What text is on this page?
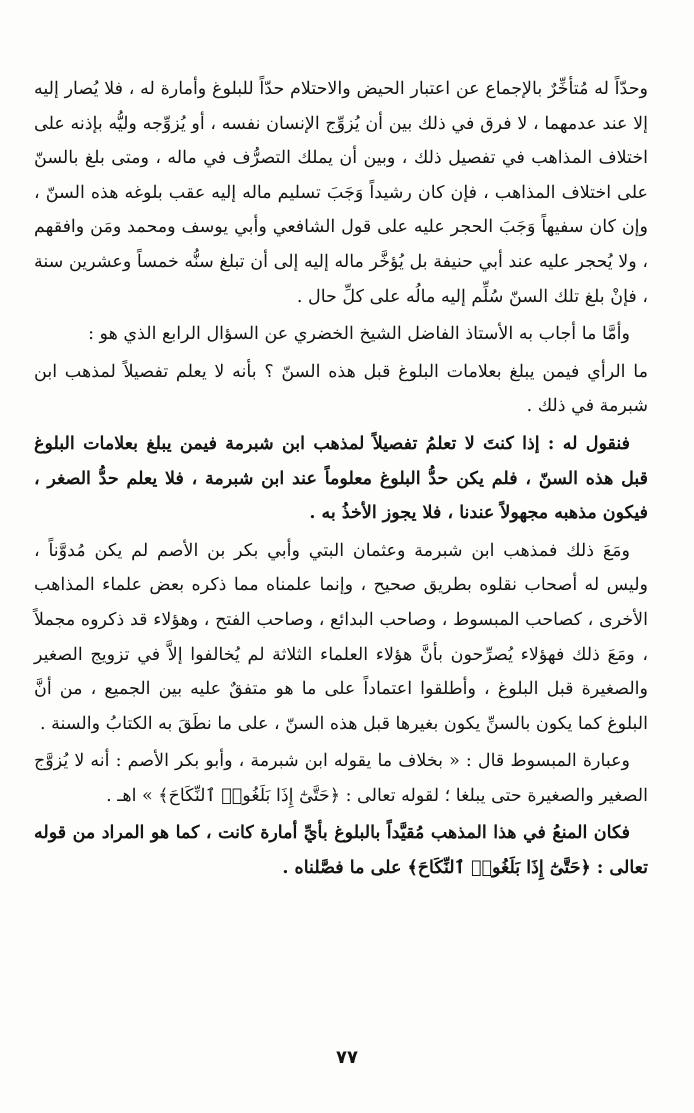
وحدّاً له مُتأخِّرٌ بالإجماع عن اعتبار الحيض والاحتلام حدّاً للبلوغ وأمارة له ، فلا يُصار إليه إلا عند عدمهما ، لا فرق في ذلك بين أن يُزوِّج الإنسان نفسه ، أو يُزوِّجه وليُّه بإذنه على اختلاف المذاهب في تفصيل ذلك ، وبين أن يملك التصرُّف في ماله ، ومتى بلغ بالسنّ على اختلاف المذاهب ، فإن كان رشيداً وَجَبَ تسليم ماله إليه عقب بلوغه هذه السنّ ، وإن كان سفيهاً وَجَبَ الحجر عليه على قول الشافعي وأبي يوسف ومحمد ومَن وافقهم ، ولا يُحجر عليه عند أبي حنيفة بل يُؤخَّر ماله إليه إلى أن تبلغ سنُّه خمساً وعشرين سنة ، فإنْ بلغ تلك السنّ سُلِّم إليه مالُه على كلِّ حال .

وأمَّا ما أجاب به الأستاذ الفاضل الشيخ الخضري عن السؤال الرابع الذي هو :

ما الرأي فيمن يبلغ بعلامات البلوغ قبل هذه السنّ ؟ بأنه لا يعلم تفصيلاً لمذهب ابن شبرمة في ذلك .

فنقول له : إذا كنتَ لا تعلمُ تفصيلاً لمذهب ابن شبرمة فيمن يبلغ بعلامات البلوغ قبل هذه السنّ ، فلم يكن حدُّ البلوغ معلوماً عند ابن شبرمة ، فلا يعلم حدُّ الصغر ، فيكون مذهبه مجهولاً عندنا ، فلا يجوز الأخذُ به .

ومَعَ ذلك فمذهب ابن شبرمة وعثمان البتي وأبي بكر بن الأصم لم يكن مُدوَّناً ، وليس له أصحاب نقلوه بطريق صحيح ، وإنما علمناه مما ذكره بعض علماء المذاهب الأخرى ، كصاحب المبسوط ، وصاحب البدائع ، وصاحب الفتح ، وهؤلاء قد ذكروه مجملاً ، ومَعَ ذلك فهؤلاء يُصرِّحون بأنَّ هؤلاء العلماء الثلاثة لم يُخالفوا إلاَّ في تزويج الصغير والصغيرة قبل البلوغ ، وأطلقوا اعتماداً على ما هو متفقٌ عليه بين الجميع ، من أنَّ البلوغ كما يكون بالسنِّ يكون بغيرها قبل هذه السنّ ، على ما نطَقَ به الكتابُ والسنة .

وعبارة المبسوط قال : « بخلاف ما يقوله ابن شبرمة ، وأبو بكر الأصم : أنه لا يُزوَّج الصغير والصغيرة حتى يبلغا ؛ لقوله تعالى : ﴿حَتَّىٰٓ إِذَا بَلَغُوا۟ ٱلنِّكَاحَ﴾ » اهـ .

فكان المنعُ في هذا المذهب مُقيَّداً بالبلوغ بأيِّ أمارة كانت ، كما هو المراد من قوله تعالى : ﴿حَتَّىٰٓ إِذَا بَلَغُوا۟ ٱلنِّكَاحَ﴾ على ما فصَّلناه .

٧٧
